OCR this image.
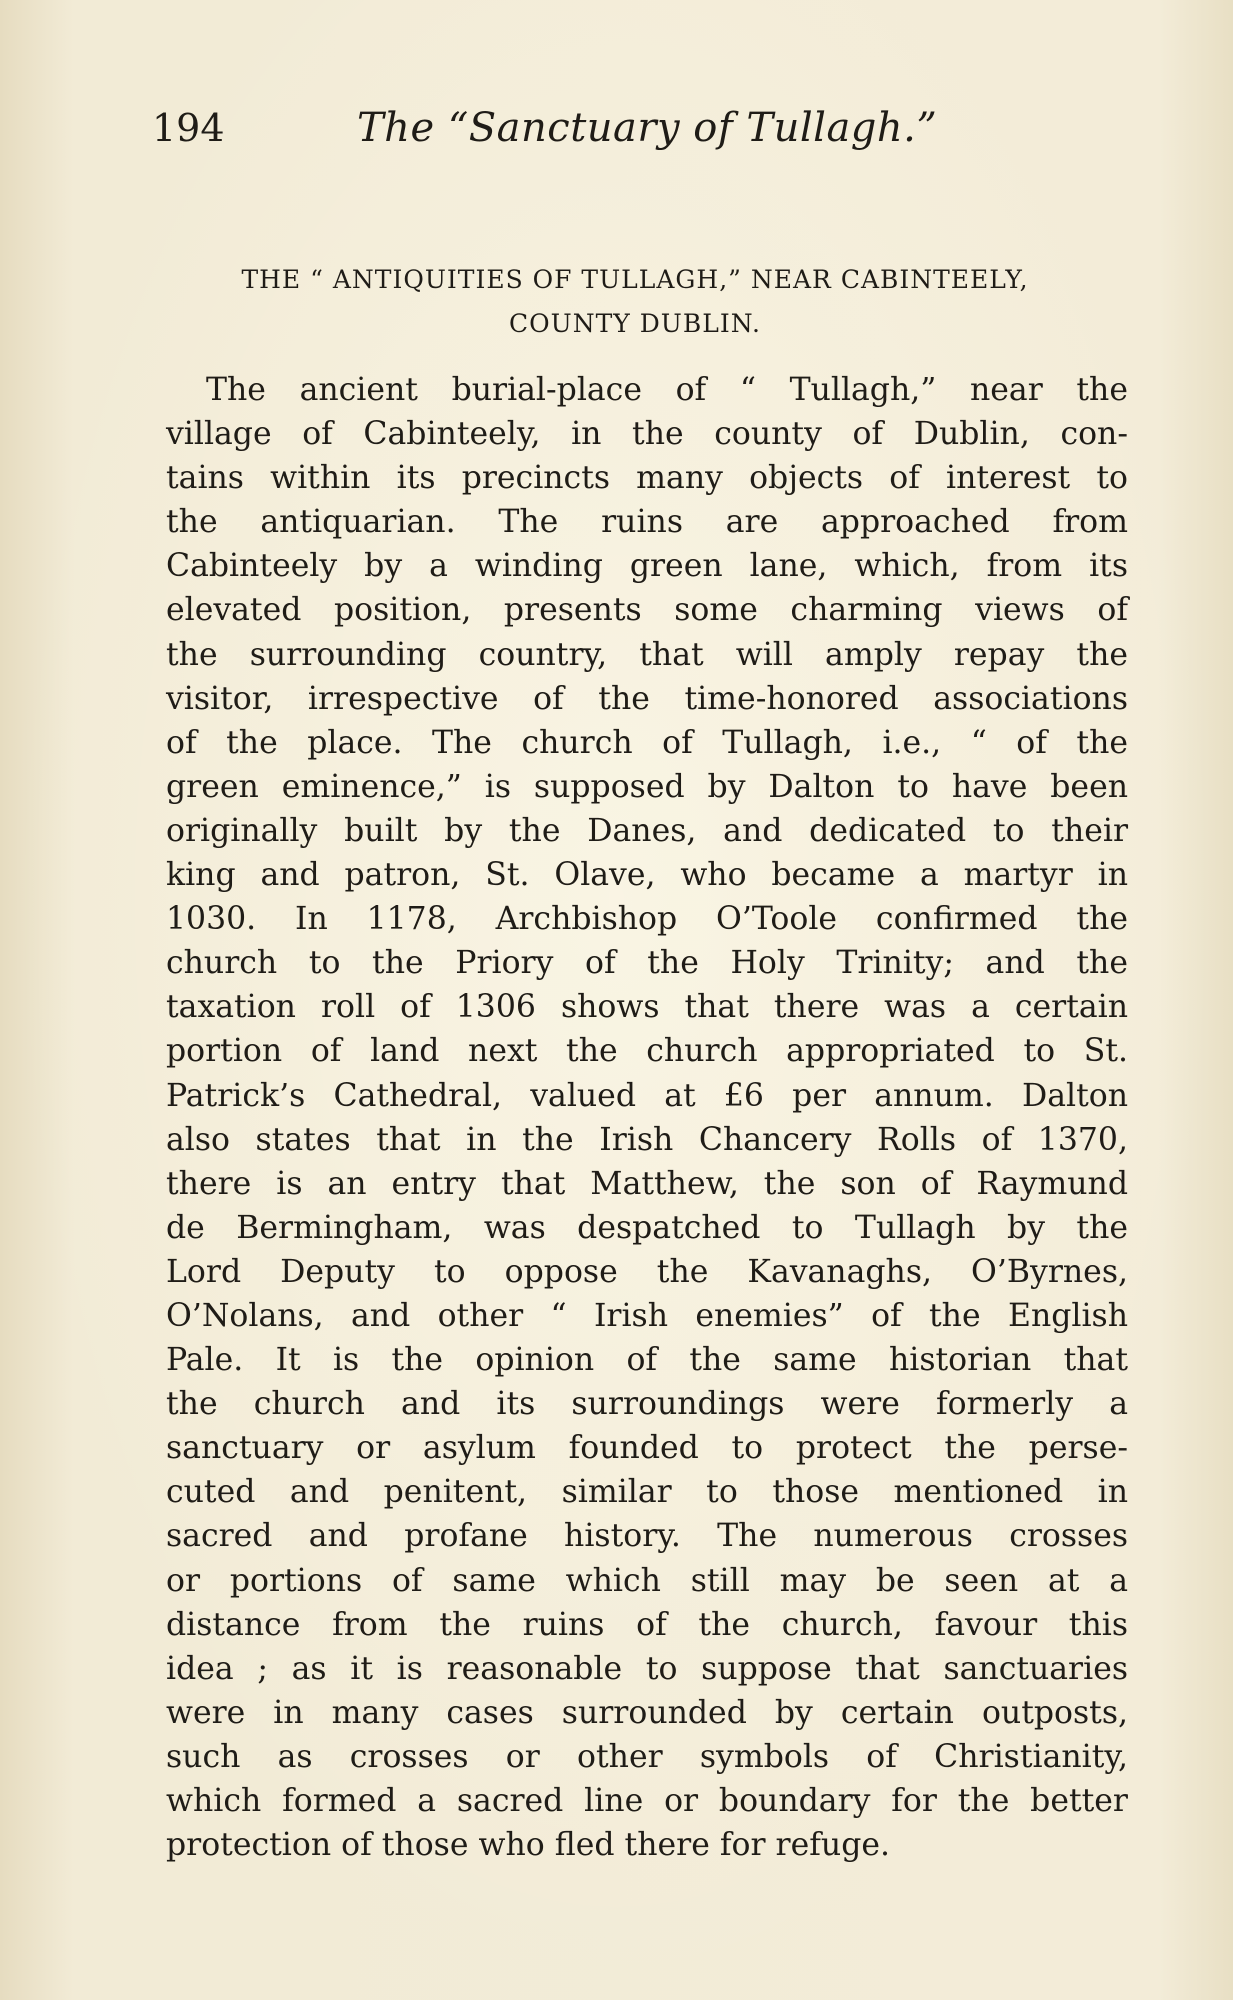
194	The “Sanctuary of Tullagh.”
THE “ ANTIQUITIES OF TULLAGH,” NEAR CABINTEELY,
COUNTY DUBLIN.
The ancient burial-place of “ Tullagh,” near the
village of Cabinteely, in the county of Dublin, con-
tains within its precincts many objects of interest to
the antiquarian. The ruins are approached from
Cabinteely by a winding green lane, which, from its
elevated position, presents some charming views of
the surrounding country, that will amply repay the
visitor, irrespective of the time-honored associations
of the place. The church of Tullagh, i.e., “ of the
green eminence,” is supposed by Dalton to have been
originally built by the Danes, and dedicated to their
king and patron, St. Olave, who became a martyr in
1030. In 1178, Archbishop O’Toole confirmed the
church to the Priory of the Holy Trinity; and the
taxation roll of 1306 shows that there was a certain
portion of land next the church appropriated to St.
Patrick’s Cathedral, valued at £6 per annum. Dalton
also states that in the Irish Chancery Rolls of 1370,
there is an entry that Matthew, the son of Raymund
de Bermingham, was despatched to Tullagh by the
Lord Deputy to oppose the Kavanaghs, O’Byrnes,
O’Nolans, and other “ Irish enemies” of the English
Pale. It is the opinion of the same historian that
the church and its surroundings were formerly a
sanctuary or asylum founded to protect the perse-
cuted and penitent, similar to those mentioned in
sacred and profane history. The numerous crosses
or portions of same which still may be seen at a
distance from the ruins of the church, favour this
idea ; as it is reasonable to suppose that sanctuaries
were in many cases surrounded by certain outposts,
such as crosses or other symbols of Christianity,
which formed a sacred line or boundary for the better
protection of those who fled there for refuge.
